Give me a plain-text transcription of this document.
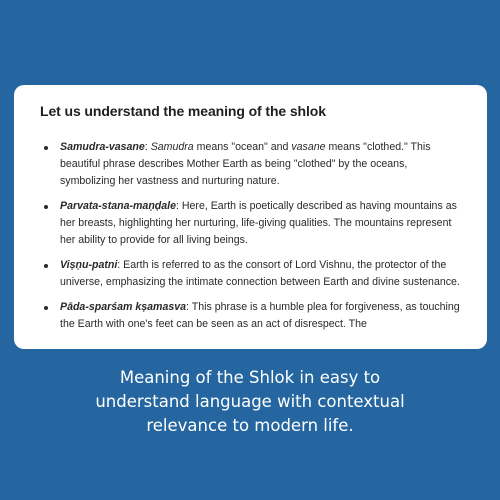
Let us understand the meaning of the shlok
Samudra-vasane: Samudra means "ocean" and vasane means "clothed." This beautiful phrase describes Mother Earth as being "clothed" by the oceans, symbolizing her vastness and nurturing nature.
Parvata-stana-maṇḍale: Here, Earth is poetically described as having mountains as her breasts, highlighting her nurturing, life-giving qualities. The mountains represent her ability to provide for all living beings.
Viṣṇu-patni: Earth is referred to as the consort of Lord Vishnu, the protector of the universe, emphasizing the intimate connection between Earth and divine sustenance.
Pāda-sparśam kṣamasva: This phrase is a humble plea for forgiveness, as touching the Earth with one's feet can be seen as an act of disrespect. The
Meaning of the Shlok in easy to
understand language with contextual
relevance to modern life.
